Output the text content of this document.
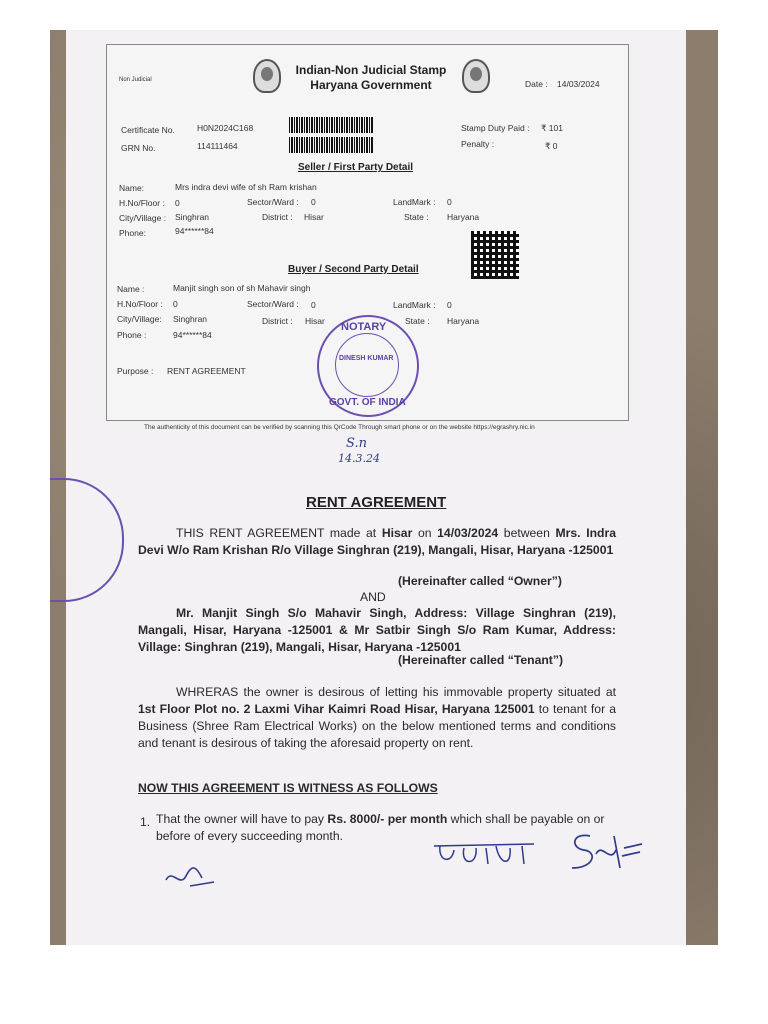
Non Judicial
Indian-Non Judicial Stamp
Haryana Government	Date : 14/03/2024
Certificate No.	H0N2024C168
GRN No.	114111464
Stamp Duty Paid : ₹ 101
Penalty :	₹ 0
Seller / First Party Detail
Name:	Mrs indra devi wife of sh Ram krishan
H.No/Floor : 0	Sector/Ward : 0	LandMark : 0
City/Village : Singhran	District : Hisar	State : Haryana
Phone:	94******84
Buyer / Second Party Detail
Name :	Manjit singh son of sh Mahavir singh
H.No/Floor : 0	Sector/Ward : 0	LandMark : 0
City/Village: Singhran	District : Hisar	State : Haryana
Phone :	94******84
Purpose : RENT AGREEMENT
NOTARY
DINESH KUMAR
GOVT. OF INDIA
The authenticity of this document can be verified by scanning this QrCode Through smart phone or on the website https://egrashry.nic.in
S.n
14.3.24
RENT AGREEMENT
THIS RENT AGREEMENT made at Hisar on 14/03/2024 between Mrs. Indra Devi W/o Ram Krishan R/o Village Singhran (219), Mangali, Hisar, Haryana -125001
(Hereinafter called “Owner”)
AND
Mr. Manjit Singh S/o Mahavir Singh, Address: Village Singhran (219), Mangali, Hisar, Haryana -125001 & Mr Satbir Singh S/o Ram Kumar, Address: Village: Singhran (219), Mangali, Hisar, Haryana -125001
(Hereinafter called “Tenant”)
WHRERAS the owner is desirous of letting his immovable property situated at 1st Floor Plot no. 2 Laxmi Vihar Kaimri Road Hisar, Haryana 125001 to tenant for a Business (Shree Ram Electrical Works) on the below mentioned terms and conditions and tenant is desirous of taking the aforesaid property on rent.
NOW THIS AGREEMENT IS WITNESS AS FOLLOWS
1. That the owner will have to pay Rs. 8000/- per month which shall be payable on or before of every succeeding month.
